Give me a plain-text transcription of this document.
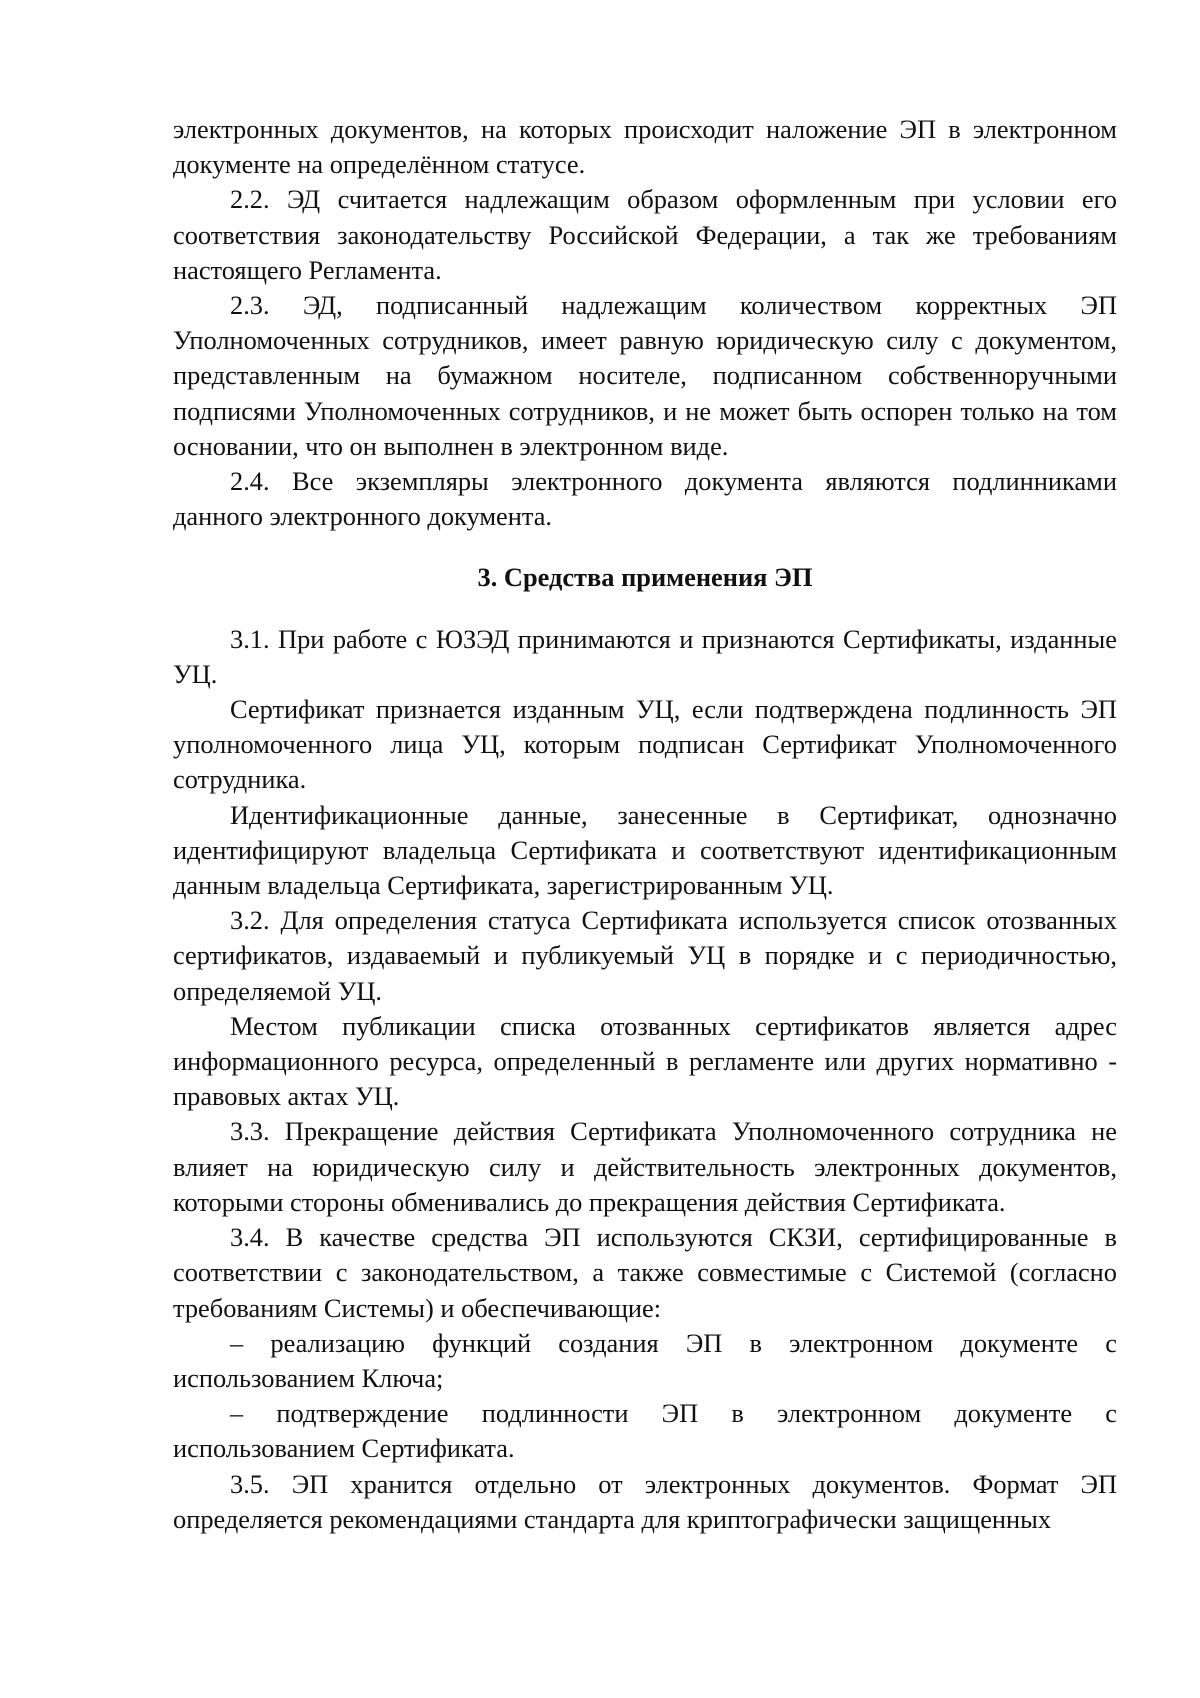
электронных документов, на которых происходит наложение ЭП в электронном документе на определённом статусе.

2.2. ЭД считается надлежащим образом оформленным при условии его соответствия законодательству Российской Федерации, а так же требованиям настоящего Регламента.

2.3. ЭД, подписанный надлежащим количеством корректных ЭП Уполномоченных сотрудников, имеет равную юридическую силу с документом, представленным на бумажном носителе, подписанном собственноручными подписями Уполномоченных сотрудников, и не может быть оспорен только на том основании, что он выполнен в электронном виде.

2.4. Все экземпляры электронного документа являются подлинниками данного электронного документа.

3. Средства применения ЭП

3.1. При работе с ЮЗЭД принимаются и признаются Сертификаты, изданные УЦ.

Сертификат признается изданным УЦ, если подтверждена подлинность ЭП уполномоченного лица УЦ, которым подписан Сертификат Уполномоченного сотрудника.

Идентификационные данные, занесенные в Сертификат, однозначно идентифицируют владельца Сертификата и соответствуют идентификационным данным владельца Сертификата, зарегистрированным УЦ.

3.2. Для определения статуса Сертификата используется список отозванных сертификатов, издаваемый и публикуемый УЦ в порядке и с периодичностью, определяемой УЦ.

Местом публикации списка отозванных сертификатов является адрес информационного ресурса, определенный в регламенте или других нормативно - правовых актах УЦ.

3.3. Прекращение действия Сертификата Уполномоченного сотрудника не влияет на юридическую силу и действительность электронных документов, которыми стороны обменивались до прекращения действия Сертификата.

3.4. В качестве средства ЭП используются СКЗИ, сертифицированные в соответствии с законодательством, а также совместимые с Системой (согласно требованиям Системы) и обеспечивающие:

– реализацию функций создания ЭП в электронном документе с использованием Ключа;

– подтверждение подлинности ЭП в электронном документе с использованием Сертификата.

3.5. ЭП хранится отдельно от электронных документов. Формат ЭП определяется рекомендациями стандарта для криптографически защищенных
